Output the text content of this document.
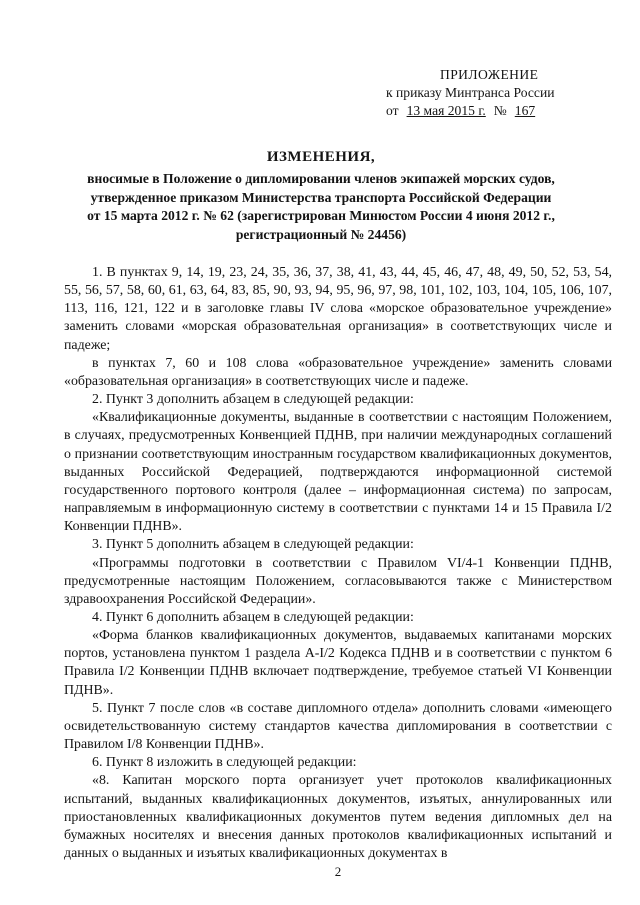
ПРИЛОЖЕНИЕ
к приказу Минтранса России
от 13 мая 2015 г. № 167
ИЗМЕНЕНИЯ,
вносимые в Положение о дипломировании членов экипажей морских судов,
утвержденное приказом Министерства транспорта Российской Федерации
от 15 марта 2012 г. № 62 (зарегистрирован Минюстом России 4 июня 2012 г.,
регистрационный № 24456)

1. В пунктах 9, 14, 19, 23, 24, 35, 36, 37, 38, 41, 43, 44, 45, 46, 47, 48, 49, 50, 52, 53, 54, 55, 56, 57, 58, 60, 61, 63, 64, 83, 85, 90, 93, 94, 95, 96, 97, 98, 101, 102, 103, 104, 105, 106, 107, 113, 116, 121, 122 и в заголовке главы IV слова «морское образовательное учреждение» заменить словами «морская образовательная организация» в соответствующих числе и падеже;

в пунктах 7, 60 и 108 слова «образовательное учреждение» заменить словами «образовательная организация» в соответствующих числе и падеже.

2. Пункт 3 дополнить абзацем в следующей редакции:

«Квалификационные документы, выданные в соответствии с настоящим Положением, в случаях, предусмотренных Конвенцией ПДНВ, при наличии международных соглашений о признании соответствующим иностранным государством квалификационных документов, выданных Российской Федерацией, подтверждаются информационной системой государственного портового контроля (далее – информационная система) по запросам, направляемым в информационную систему в соответствии с пунктами 14 и 15 Правила I/2 Конвенции ПДНВ».

3. Пункт 5 дополнить абзацем в следующей редакции:

«Программы подготовки в соответствии с Правилом VI/4-1 Конвенции ПДНВ, предусмотренные настоящим Положением, согласовываются также с Министерством здравоохранения Российской Федерации».

4. Пункт 6 дополнить абзацем в следующей редакции:

«Форма бланков квалификационных документов, выдаваемых капитанами морских портов, установлена пунктом 1 раздела A-I/2 Кодекса ПДНВ и в соответствии с пунктом 6 Правила I/2 Конвенции ПДНВ включает подтверждение, требуемое статьей VI Конвенции ПДНВ».

5. Пункт 7 после слов «в составе дипломного отдела» дополнить словами «имеющего освидетельствованную систему стандартов качества дипломирования в соответствии с Правилом I/8 Конвенции ПДНВ».

6. Пункт 8 изложить в следующей редакции:

«8. Капитан морского порта организует учет протоколов квалификационных испытаний, выданных квалификационных документов, изъятых, аннулированных или приостановленных квалификационных документов путем ведения дипломных дел на бумажных носителях и внесения данных протоколов квалификационных испытаний и данных о выданных и изъятых квалификационных документах в

2
